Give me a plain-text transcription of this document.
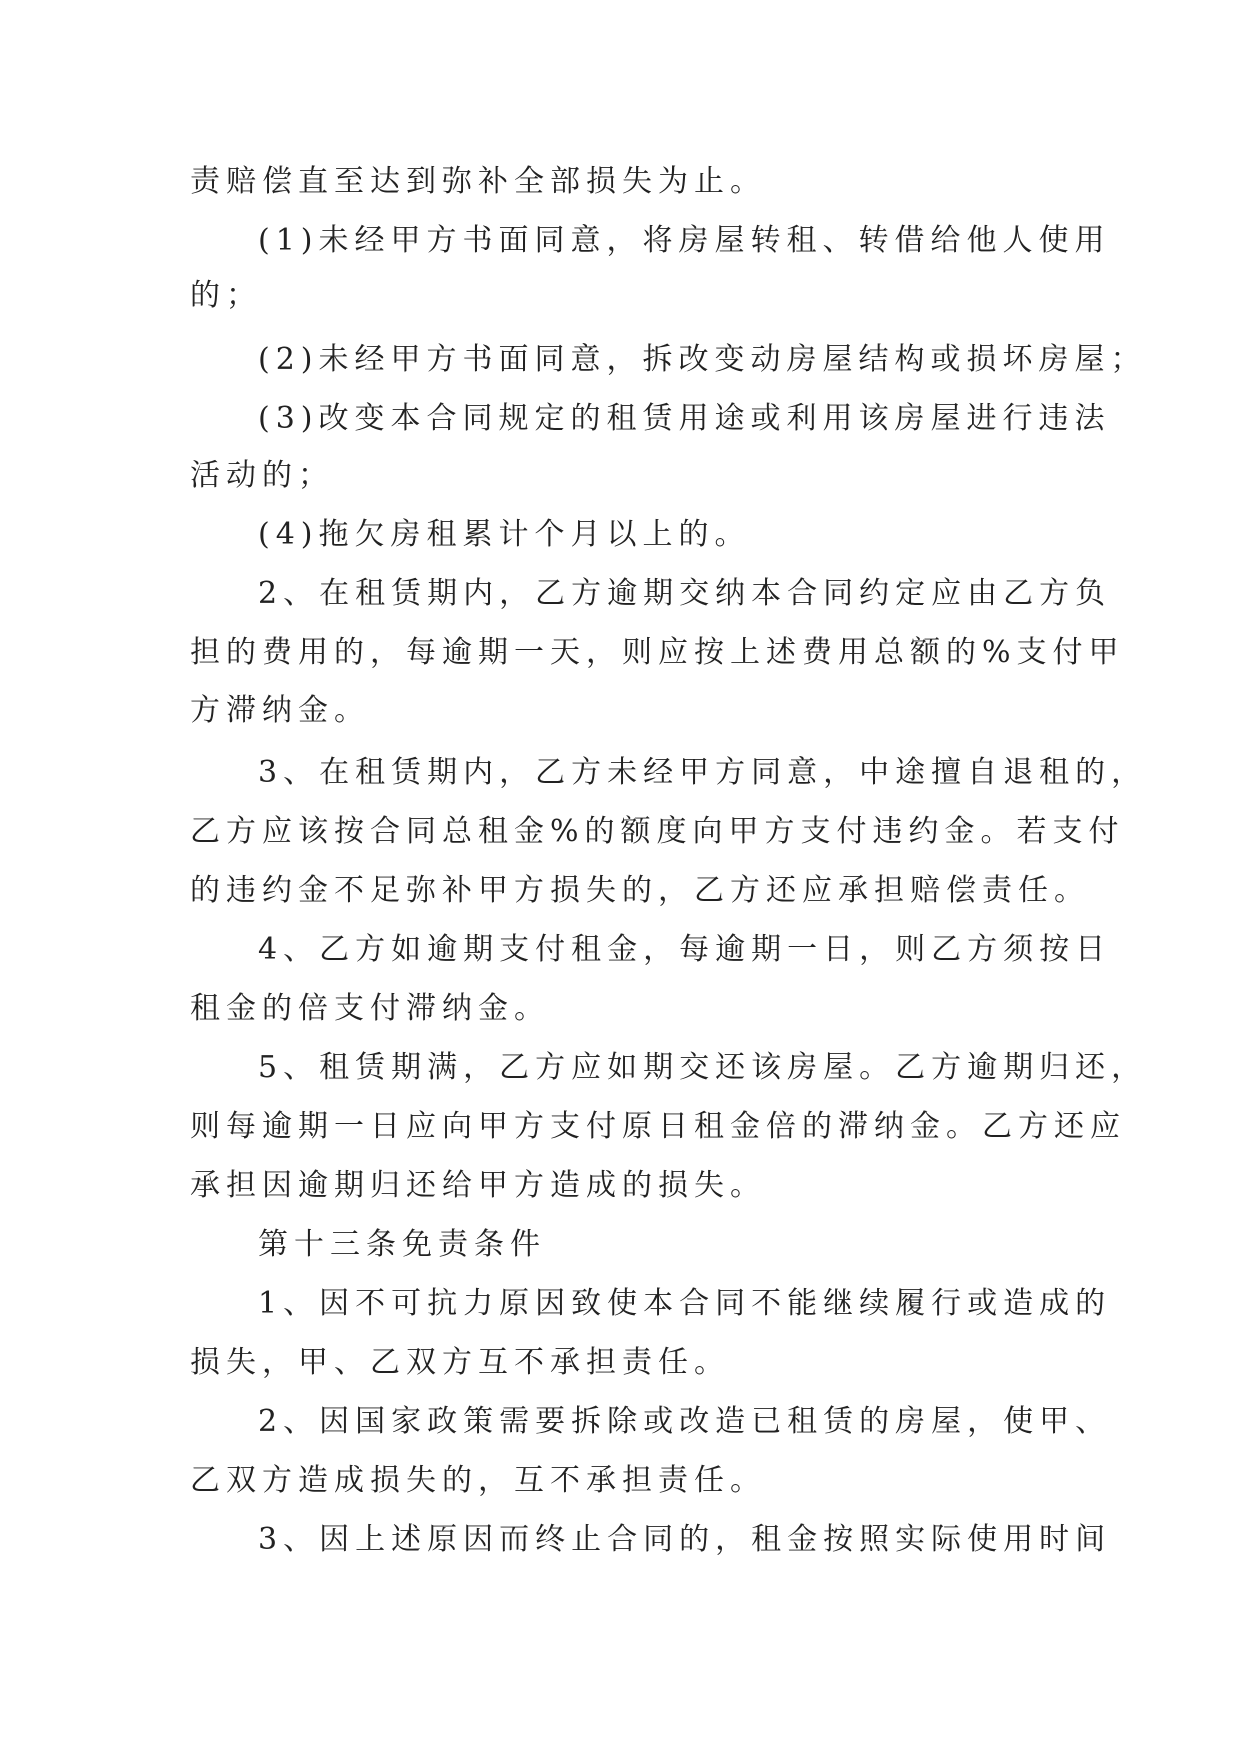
责赔偿直至达到弥补全部损失为止。
(1)未经甲方书面同意，将房屋转租、转借给他人使用
的；
(2)未经甲方书面同意，拆改变动房屋结构或损坏房屋；
(3)改变本合同规定的租赁用途或利用该房屋进行违法
活动的；
(4)拖欠房租累计个月以上的。
2、在租赁期内，乙方逾期交纳本合同约定应由乙方负
担的费用的，每逾期一天，则应按上述费用总额的%支付甲
方滞纳金。
3、在租赁期内，乙方未经甲方同意，中途擅自退租的，
乙方应该按合同总租金%的额度向甲方支付违约金。若支付
的违约金不足弥补甲方损失的，乙方还应承担赔偿责任。
4、乙方如逾期支付租金，每逾期一日，则乙方须按日
租金的倍支付滞纳金。
5、租赁期满，乙方应如期交还该房屋。乙方逾期归还，
则每逾期一日应向甲方支付原日租金倍的滞纳金。乙方还应
承担因逾期归还给甲方造成的损失。
第十三条免责条件
1、因不可抗力原因致使本合同不能继续履行或造成的
损失，甲、乙双方互不承担责任。
2、因国家政策需要拆除或改造已租赁的房屋，使甲、
乙双方造成损失的，互不承担责任。
3、因上述原因而终止合同的，租金按照实际使用时间
